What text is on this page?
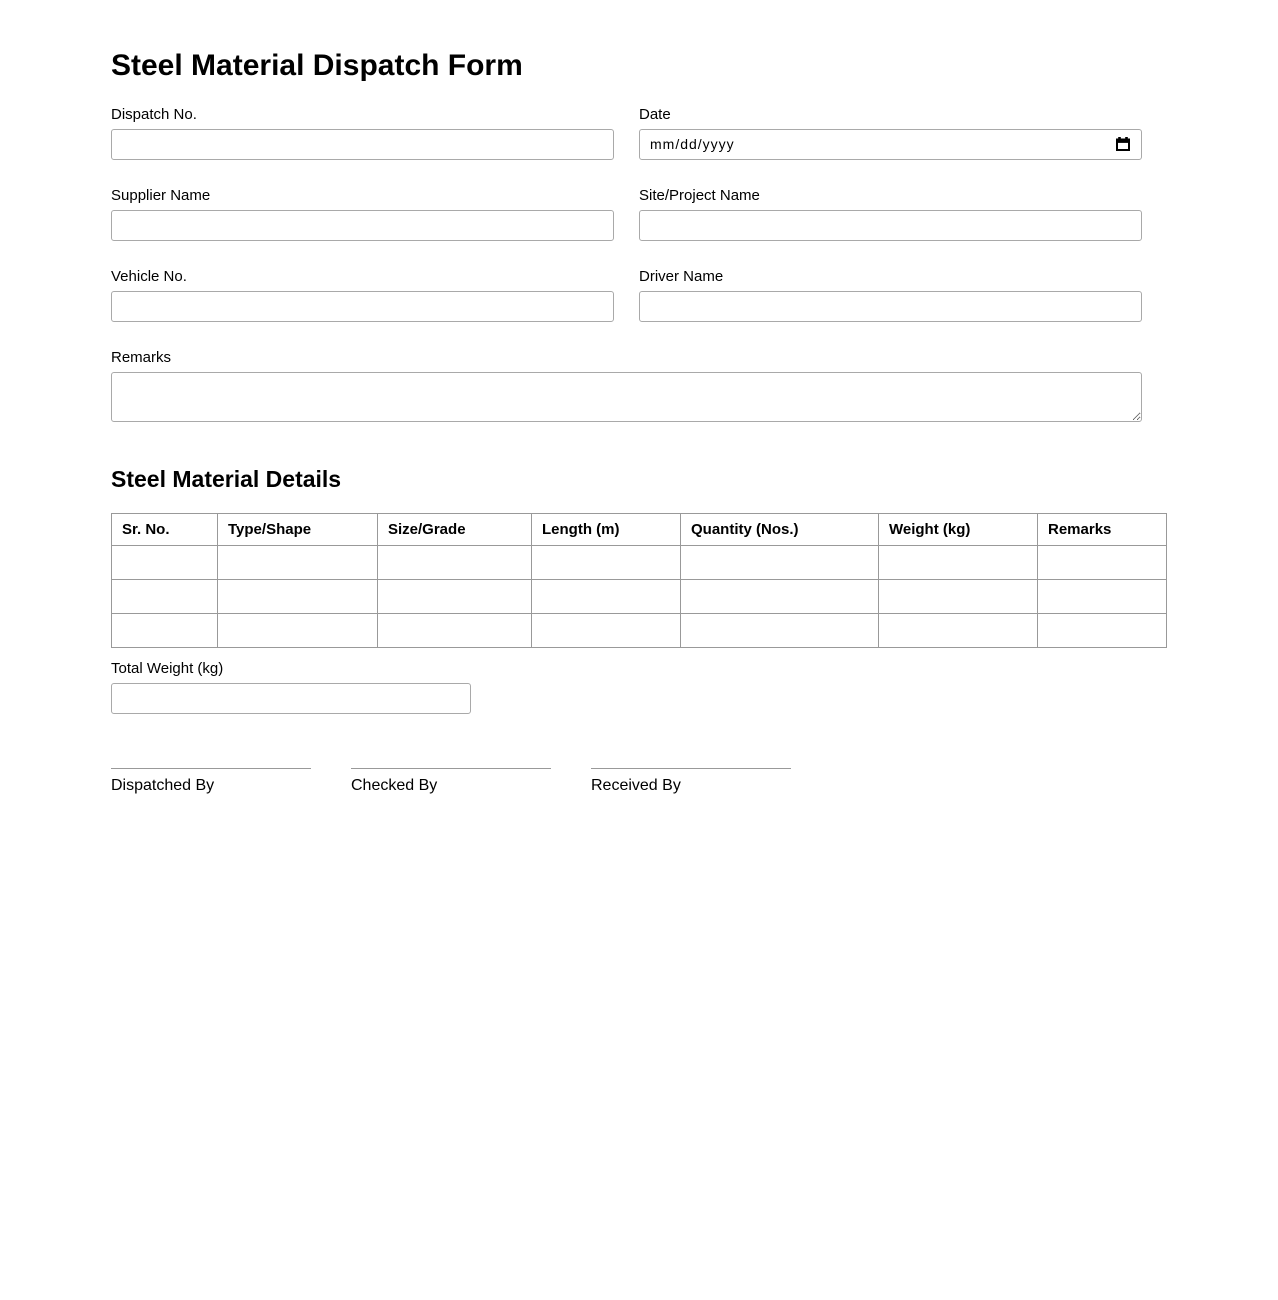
Steel Material Dispatch Form
Dispatch No.	Date
mm/dd/yyyy
Supplier Name	Site/Project Name
Vehicle No.	Driver Name
Remarks
Steel Material Details
Sr. No.	Type/Shape	Size/Grade	Length (m)	Quantity (Nos.)	Weight (kg)	Remarks

Total Weight (kg)
Dispatched By	Checked By	Received By
